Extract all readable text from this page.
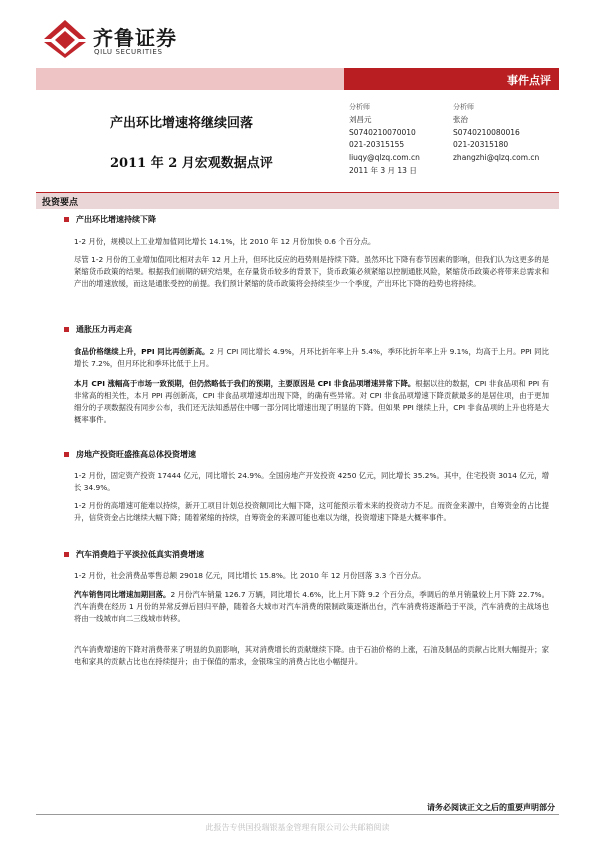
齐鲁证券
QILU SECURITIES
事件点评
产出环比增速将继续回落
2011 年 2 月宏观数据点评
分析师
刘昌元
S0740210070010
021-20315155
liuqy@qlzq.com.cn
2011 年 3 月 13 日
分析师
张治
S0740210080016
021-20315180
zhangzhi@qlzq.com.cn
投资要点
产出环比增速持续下降
1-2 月份，规模以上工业增加值同比增长 14.1%，比 2010 年 12 月份加快 0.6 个百分点。
尽管 1-2 月份的工业增加值同比相对去年 12 月上升，但环比反应的趋势则是持续下降。虽然环比下降有春节因素的影响，但我们认为这更多的是紧缩货币政策的结果。根据我们前期的研究结果，在存量货币较多的背景下，货币政策必须紧缩以控制通胀风险，紧缩货币政策必将带来总需求和产出的增速放缓，而这是通胀受控的前提。我们预计紧缩的货币政策将会持续至少一个季度，产出环比下降的趋势也将持续。
通胀压力再走高
食品价格继续上升，PPI 同比再创新高。2 月 CPI 同比增长 4.9%，月环比折年率上升 5.4%，季环比折年率上升 9.1%，均高于上月。PPI 同比增长 7.2%，但月环比和季环比低于上月。
本月 CPI 涨幅高于市场一致预期，但仍然略低于我们的预期，主要原因是 CPI 非食品项增速异常下降。根据以往的数据，CPI 非食品项和 PPI 有非常高的相关性，本月 PPI 再创新高，CPI 非食品项增速却出现下降，的确有些异常。对 CPI 非食品项增速下降贡献最多的是居住项，由于更加细分的子项数据没有同步公布，我们还无法知悉居住中哪一部分同比增速出现了明显的下降。但如果 PPI 继续上升，CPI 非食品项的上升也将是大概率事件。
房地产投资旺盛推高总体投资增速
1-2 月份，固定资产投资 17444 亿元，同比增长 24.9%。全国房地产开发投资 4250 亿元，同比增长 35.2%。其中，住宅投资 3014 亿元，增长 34.9%。
1-2 月份的高增速可能难以持续，新开工项目计划总投资额同比大幅下降，这可能预示着未来的投资动力不足。而资金来源中，自筹资金的占比提升，信贷资金占比继续大幅下降；随着紧缩的持续，自筹资金的来源可能也难以为继，投资增速下降是大概率事件。
汽车消费趋于平淡拉低真实消费增速
1-2 月份，社会消费品零售总额 29018 亿元，同比增长 15.8%。比 2010 年 12 月份回落 3.3 个百分点。
汽车销售同比增速加期回落。2 月份汽车销量 126.7 万辆，同比增长 4.6%，比上月下降 9.2 个百分点，季调后的单月销量较上月下降 22.7%。汽车消费在经历 1 月份的异常反弹后回归平静，随着各大城市对汽车消费的限制政策逐渐出台，汽车消费将逐渐趋于平淡，汽车消费的主战场也将由一线城市向二三线城市转移。
汽车消费增速的下降对消费带来了明显的负面影响，其对消费增长的贡献继续下降。由于石油价格的上涨，石油及制品的贡献占比则大幅提升；家电和家具的贡献占比也在持续提升；由于保值的需求，金银珠宝的消费占比也小幅提升。
请务必阅读正文之后的重要声明部分
此报告专供国投瑞银基金管理有限公司公共邮箱阅读
